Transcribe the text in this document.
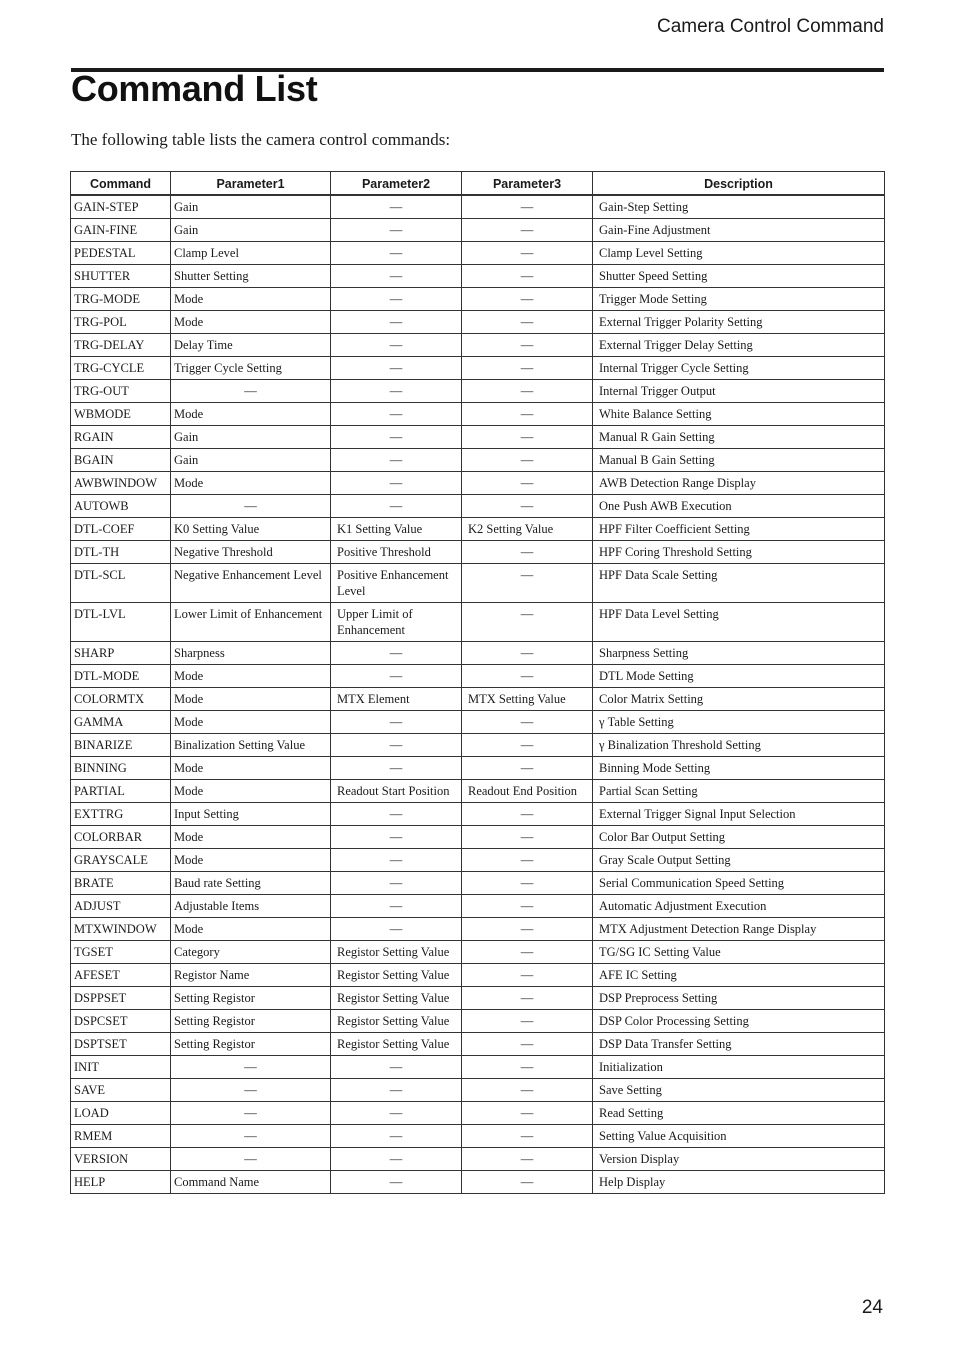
Camera Control Command
Command List
The following table lists the camera control commands:
Command	Parameter1	Parameter2	Parameter3	Description
GAIN-STEP	Gain	—	—	Gain-Step Setting
GAIN-FINE	Gain	—	—	Gain-Fine Adjustment
PEDESTAL	Clamp Level	—	—	Clamp Level Setting
SHUTTER	Shutter Setting	—	—	Shutter Speed Setting
TRG-MODE	Mode	—	—	Trigger Mode Setting
TRG-POL	Mode	—	—	External Trigger Polarity Setting
TRG-DELAY	Delay Time	—	—	External Trigger Delay Setting
TRG-CYCLE	Trigger Cycle Setting	—	—	Internal Trigger Cycle Setting
TRG-OUT	—	—	—	Internal Trigger Output
WBMODE	Mode	—	—	White Balance Setting
RGAIN	Gain	—	—	Manual R Gain Setting
BGAIN	Gain	—	—	Manual B Gain Setting
AWBWINDOW	Mode	—	—	AWB Detection Range Display
AUTOWB	—	—	—	One Push AWB Execution
DTL-COEF	K0 Setting Value	K1 Setting Value	K2 Setting Value	HPF Filter Coefficient Setting
DTL-TH	Negative Threshold	Positive Threshold	—	HPF Coring Threshold Setting
DTL-SCL	Negative Enhancement Level	Positive Enhancement Level	—	HPF Data Scale Setting
DTL-LVL	Lower Limit of Enhancement	Upper Limit of Enhancement	—	HPF Data Level Setting
SHARP	Sharpness	—	—	Sharpness Setting
DTL-MODE	Mode	—	—	DTL Mode Setting
COLORMTX	Mode	MTX Element	MTX Setting Value	Color Matrix Setting
GAMMA	Mode	—	—	γ Table Setting
BINARIZE	Binalization Setting Value	—	—	γ Binalization Threshold Setting
BINNING	Mode	—	—	Binning Mode Setting
PARTIAL	Mode	Readout Start Position	Readout End Position	Partial Scan Setting
EXTTRG	Input Setting	—	—	External Trigger Signal Input Selection
COLORBAR	Mode	—	—	Color Bar Output Setting
GRAYSCALE	Mode	—	—	Gray Scale Output Setting
BRATE	Baud rate Setting	—	—	Serial Communication Speed Setting
ADJUST	Adjustable Items	—	—	Automatic Adjustment Execution
MTXWINDOW	Mode	—	—	MTX Adjustment Detection Range Display
TGSET	Category	Registor Setting Value	—	TG/SG IC Setting Value
AFESET	Registor Name	Registor Setting Value	—	AFE IC Setting
DSPPSET	Setting Registor	Registor Setting Value	—	DSP Preprocess Setting
DSPCSET	Setting Registor	Registor Setting Value	—	DSP Color Processing Setting
DSPTSET	Setting Registor	Registor Setting Value	—	DSP Data Transfer Setting
INIT	—	—	—	Initialization
SAVE	—	—	—	Save Setting
LOAD	—	—	—	Read Setting
RMEM	—	—	—	Setting Value Acquisition
VERSION	—	—	—	Version Display
HELP	Command Name	—	—	Help Display
24
